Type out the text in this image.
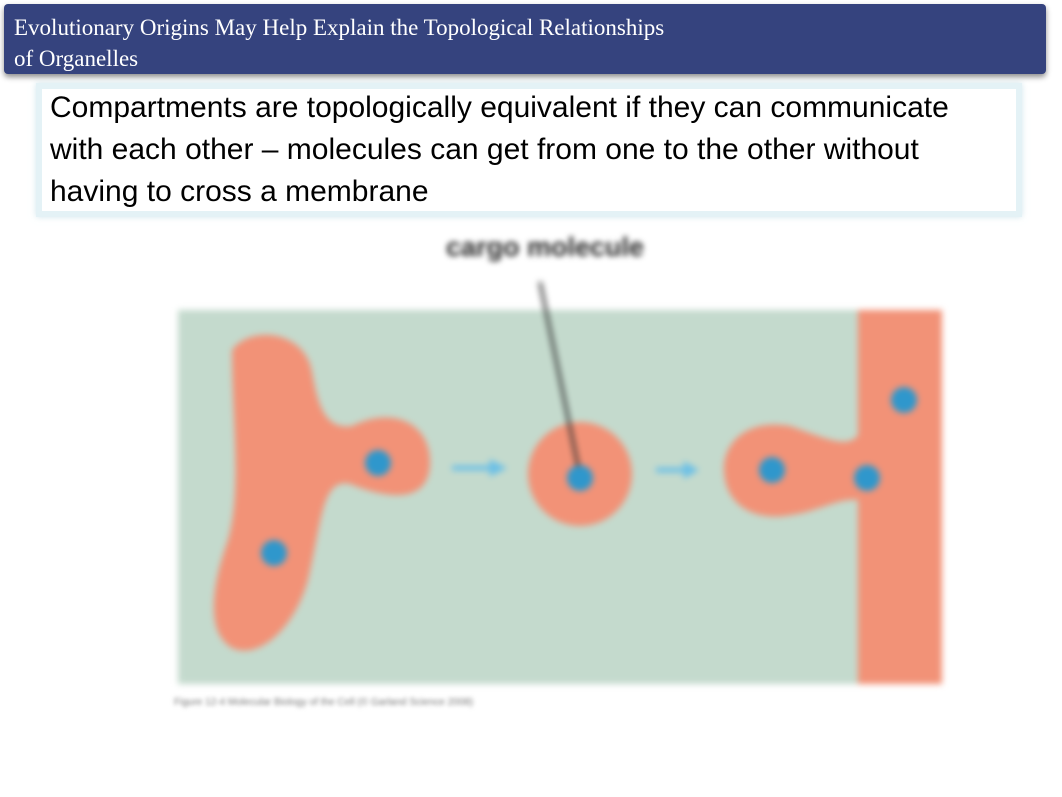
Evolutionary Origins May Help Explain the Topological Relationships
of Organelles
Compartments are topologically equivalent if they can communicate with each other – molecules can get from one to the other without having to cross a membrane
cargo molecule
Figure 12-4 Molecular Biology of the Cell (© Garland Science 2008)
